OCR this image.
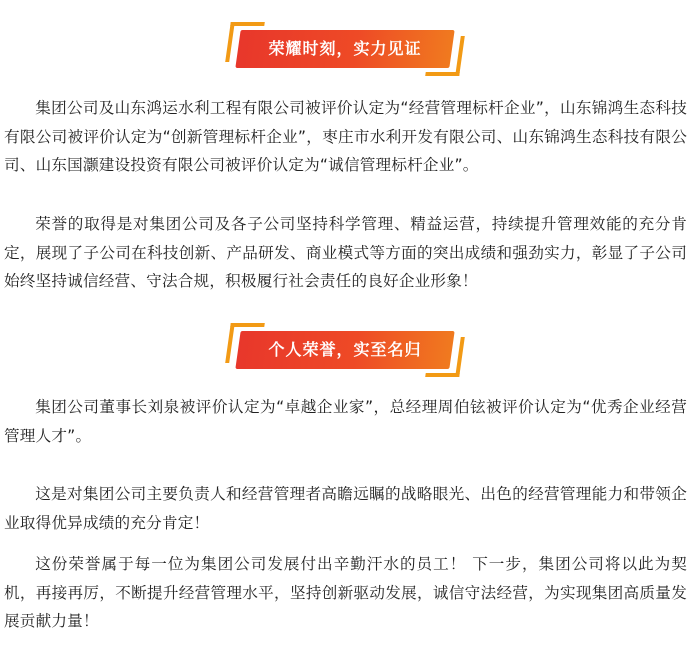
荣耀时刻，实力见证

集团公司及山东鸿运水利工程有限公司被评价认定为“经营管理标杆企业”，山东锦鸿生态科技有限公司被评价认定为“创新管理标杆企业”，枣庄市水利开发有限公司、山东锦鸿生态科技有限公司、山东国灏建设投资有限公司被评价认定为“诚信管理标杆企业”。

荣誉的取得是对集团公司及各子公司坚持科学管理、精益运营，持续提升管理效能的充分肯定，展现了子公司在科技创新、产品研发、商业模式等方面的突出成绩和强劲实力，彰显了子公司始终坚持诚信经营、守法合规，积极履行社会责任的良好企业形象！

个人荣誉，实至名归

集团公司董事长刘泉被评价认定为“卓越企业家”，总经理周伯铉被评价认定为“优秀企业经营管理人才”。

这是对集团公司主要负责人和经营管理者高瞻远瞩的战略眼光、出色的经营管理能力和带领企业取得优异成绩的充分肯定！

这份荣誉属于每一位为集团公司发展付出辛勤汗水的员工！ 下一步，集团公司将以此为契机，再接再厉，不断提升经营管理水平，坚持创新驱动发展，诚信守法经营，为实现集团高质量发展贡献力量！
